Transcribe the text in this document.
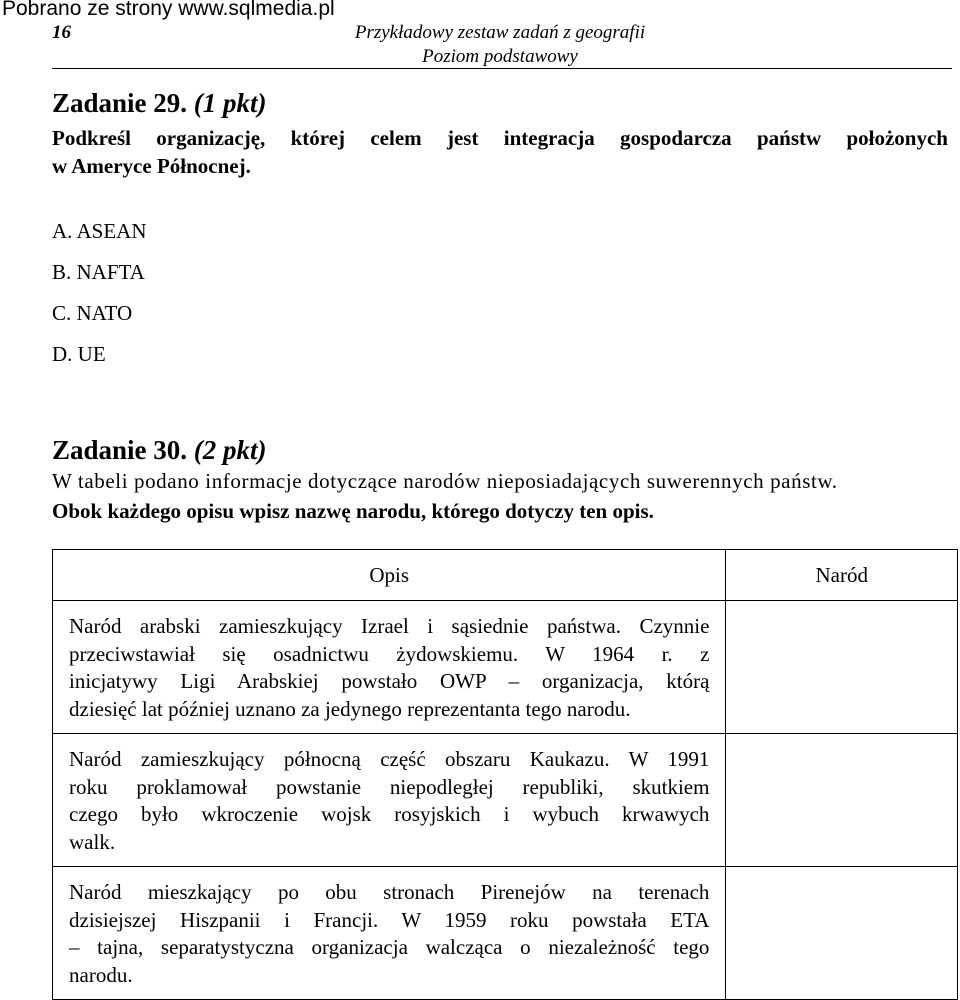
Pobrano ze strony www.sqlmedia.pl
16	Przykładowy zestaw zadań z geografii
Poziom podstawowy
Zadanie 29. (1 pkt)
Podkreśl organizację, której celem jest integracja gospodarcza państw położonych
w Ameryce Północnej.
A. ASEAN
B. NAFTA
C. NATO
D. UE
Zadanie 30. (2 pkt)
W tabeli podano informacje dotyczące narodów nieposiadających suwerennych państw.
Obok każdego opisu wpisz nazwę narodu, którego dotyczy ten opis.
Opis	Naród

Naród arabski zamieszkujący Izrael i sąsiednie państwa. Czynnie
przeciwstawiał się osadnictwu żydowskiemu. W 1964 r. z
inicjatywy Ligi Arabskiej powstało OWP – organizacja, którą
dziesięć lat później uznano za jedynego reprezentanta tego narodu.	

Naród zamieszkujący północną część obszaru Kaukazu. W 1991
roku proklamował powstanie niepodległej republiki, skutkiem
czego było wkroczenie wojsk rosyjskich i wybuch krwawych
walk.	

Naród mieszkający po obu stronach Pirenejów na terenach
dzisiejszej Hiszpanii i Francji. W 1959 roku powstała ETA
– tajna, separatystyczna organizacja walcząca o niezależność tego
narodu.	
